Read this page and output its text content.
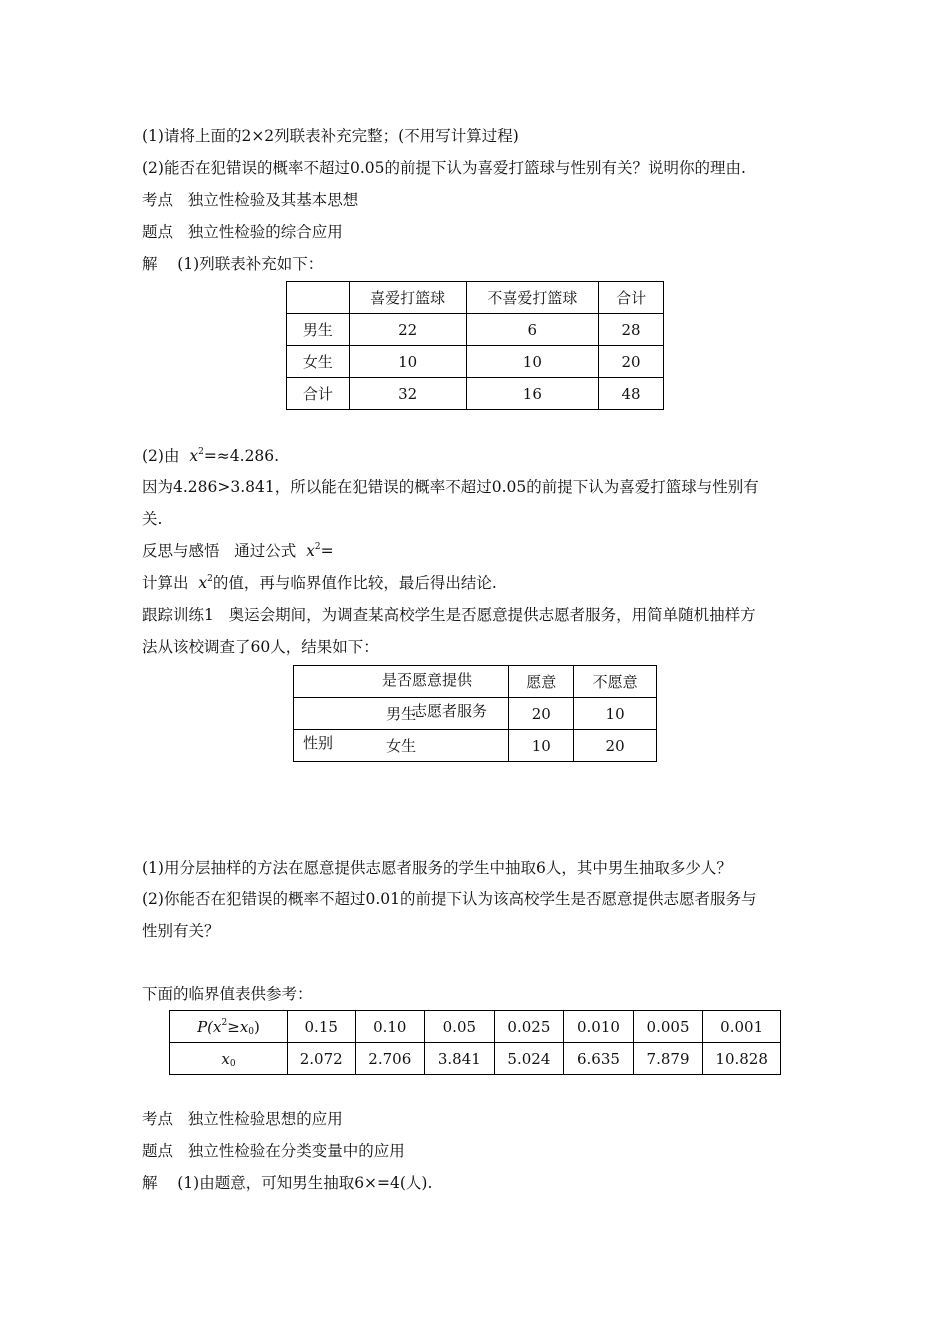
(1)请将上面的2×2列联表补充完整；(不用写计算过程)
(2)能否在犯错误的概率不超过0.05的前提下认为喜爱打篮球与性别有关？说明你的理由.
考点 独立性检验及其基本思想
题点 独立性检验的综合应用
解 (1)列联表补充如下：
	喜爱打篮球	不喜爱打篮球	合计
男生	22	6	28
女生	10	10	20
合计	32	16	48
(2)由 $x^2=\approx 4.286$.
因为4.286>3.841，所以能在犯错误的概率不超过0.05的前提下认为喜爱打篮球与性别有
关.
反思与感悟 通过公式 $x^2=$
计算出 $x^2$的值，再与临界值作比较，最后得出结论.
跟踪训练1 奥运会期间，为调查某高校学生是否愿意提供志愿者服务，用简单随机抽样方
法从该校调查了60人，结果如下：
是否愿意提供
志愿者服务
性别	愿意	不愿意
男生	20	10
女生	10	20
(1)用分层抽样的方法在愿意提供志愿者服务的学生中抽取6人，其中男生抽取多少人？
(2)你能否在犯错误的概率不超过0.01的前提下认为该高校学生是否愿意提供志愿者服务与
性别有关？
下面的临界值表供参考：
$P(x^2\ge x_0)$	0.15	0.10	0.05	0.025	0.010	0.005	0.001
$x_0$	2.072	2.706	3.841	5.024	6.635	7.879	10.828
考点 独立性检验思想的应用
题点 独立性检验在分类变量中的应用
解 (1)由题意，可知男生抽取6×=4(人).
